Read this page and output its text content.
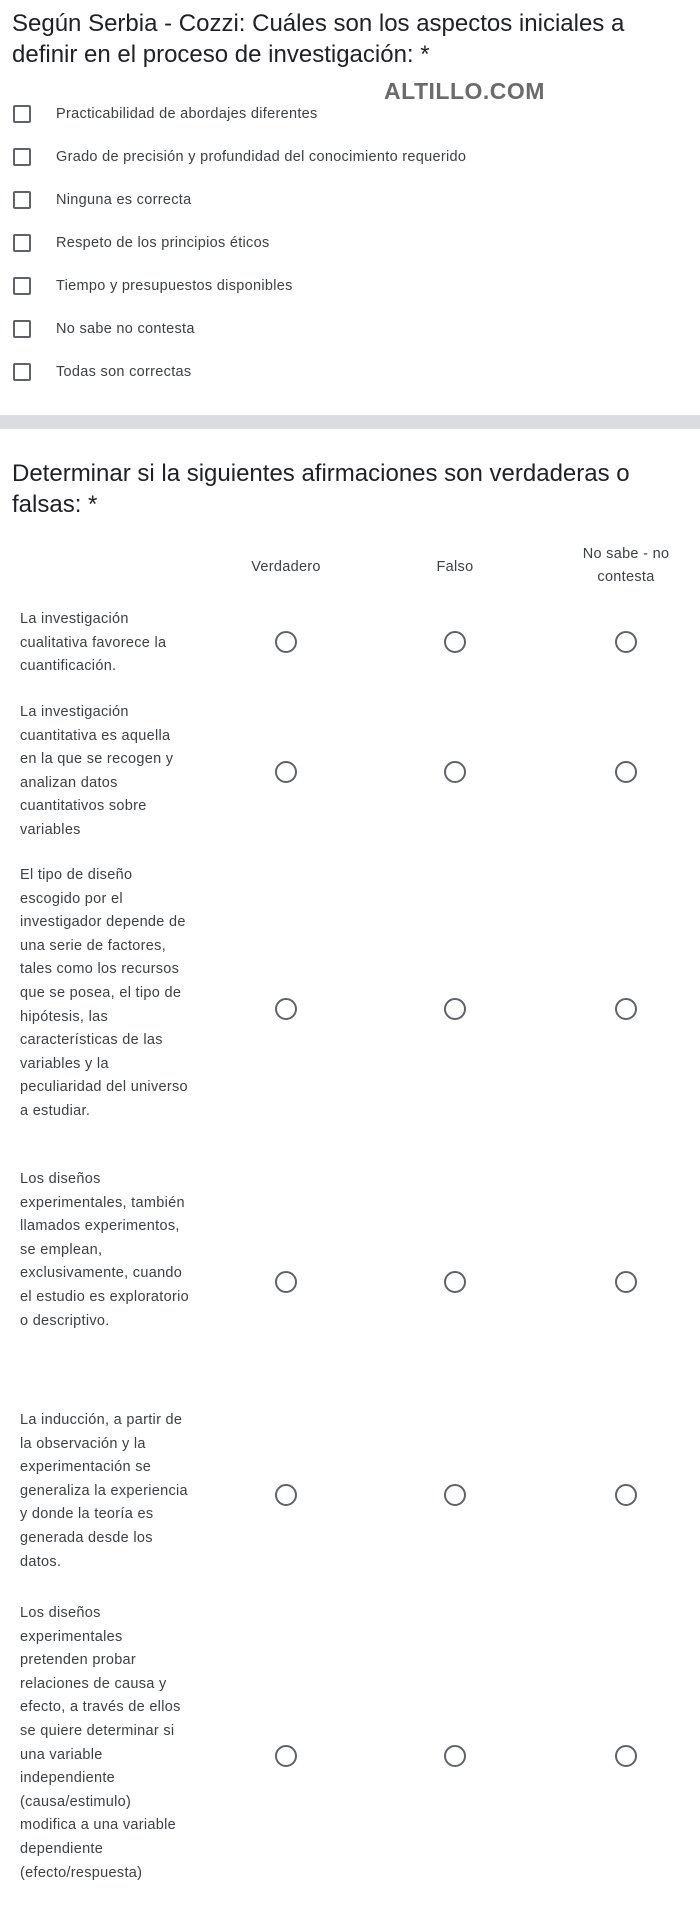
Según Serbia - Cozzi: Cuáles son los aspectos iniciales a definir en el proceso de investigación: *
Practicabilidad de abordajes diferentes
Grado de precisión y profundidad del conocimiento requerido
Ninguna es correcta
Respeto de los principios éticos
Tiempo y presupuestos disponibles
No sabe no contesta
Todas son correctas
ALTILLO.COM
Determinar si la siguientes afirmaciones son verdaderas o falsas: *
Verdadero	Falso
No sabe - no contesta
La investigación cualitativa favorece la cuantificación.
La investigación cuantitativa es aquella en la que se recogen y analizan datos cuantitativos sobre variables
El tipo de diseño escogido por el investigador depende de una serie de factores, tales como los recursos que se posea, el tipo de hipótesis, las características de las variables y la peculiaridad del universo a estudiar.
Los diseños experimentales, también llamados experimentos, se emplean, exclusivamente, cuando el estudio es exploratorio o descriptivo.
La inducción, a partir de la observación y la experimentación se generaliza la experiencia y donde la teoría es generada desde los datos.
Los diseños experimentales pretenden probar relaciones de causa y efecto, a través de ellos se quiere determinar si una variable independiente (causa/estimulo) modifica a una variable dependiente (efecto/respuesta)
